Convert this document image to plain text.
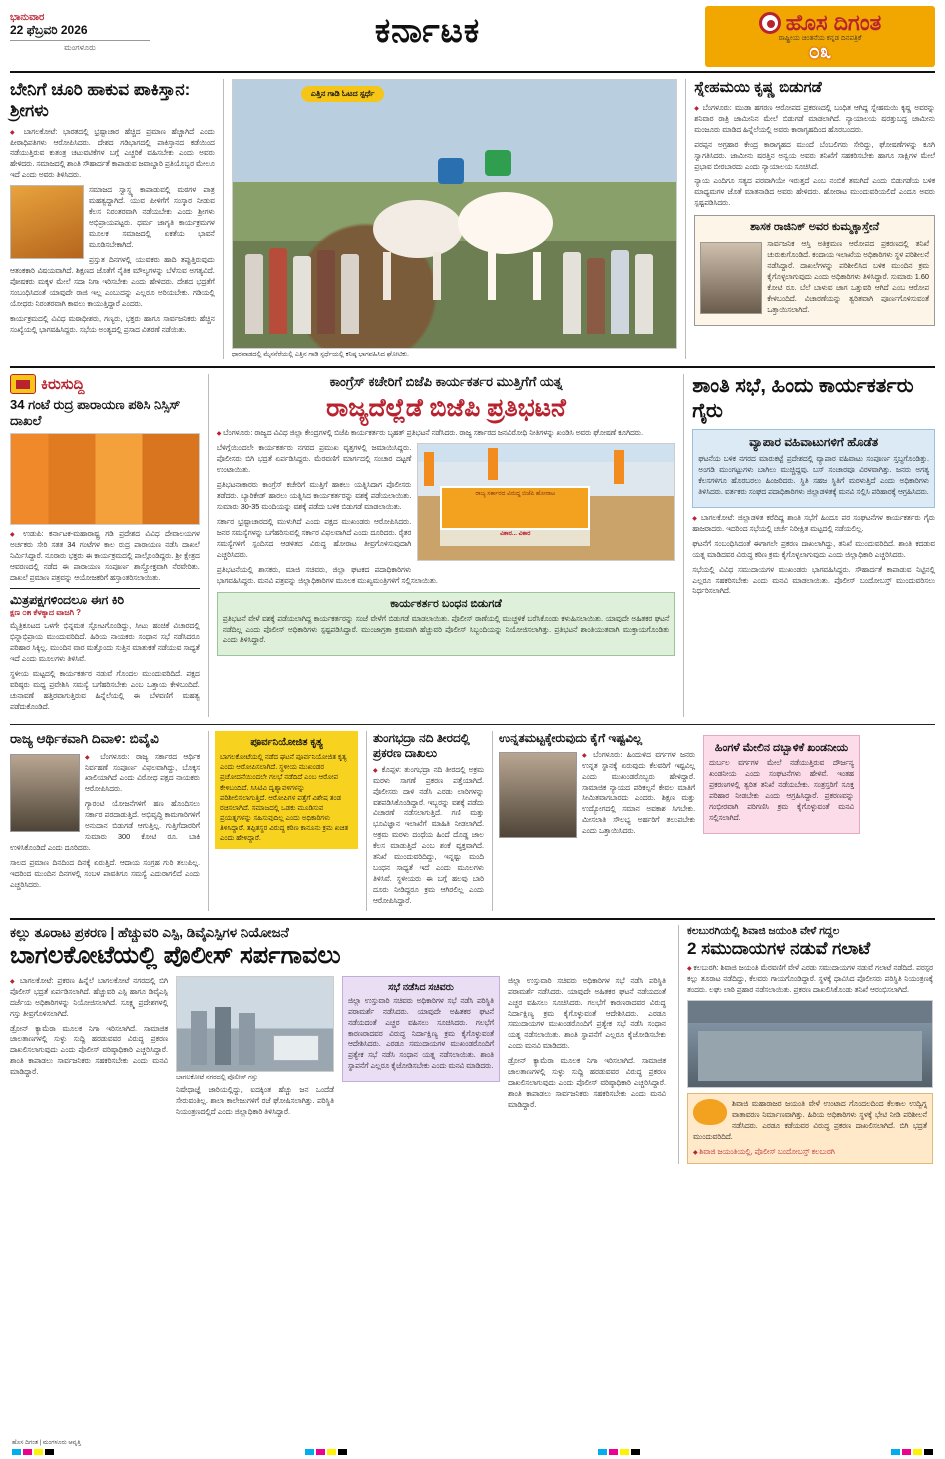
ಭಾನುವಾರ
22 ಫೆಬ್ರವರಿ 2026
ಮಂಗಳೂರು	ಕರ್ನಾಟಕ	ಹೊಸ ದಿಗಂತ
ರಾಷ್ಟ್ರೀಯ ಚಿಂತನೆಯ ಕನ್ನಡ ದಿನಪತ್ರಿಕೆ
೦೩
ಬೇನಿಗೆ ಚೂರಿ ಹಾಕುವ ಪಾಕಿಸ್ತಾನ: ಶ್ರೀಗಳು

◆ ಬಾಗಲಕೋಟೆ: ಭಾರತದಲ್ಲಿ ಭ್ರಷ್ಟಾಚಾರ ಹೆಚ್ಚಿದ ಪ್ರಮಾಣ ಹೆಚ್ಚಾಗಿದೆ ಎಂದು ಪೀಠಾಧಿಪತಿಗಳು ಆರೋಪಿಸಿದರು. ದೇಶದ ಗಡಿಭಾಗದಲ್ಲಿ ಪಾಕಿಸ್ತಾನದ ಕಡೆಯಿಂದ ನಡೆಯುತ್ತಿರುವ ಕುತಂತ್ರ ಚಟುವಟಿಕೆಗಳ ಬಗ್ಗೆ ಎಚ್ಚರಿಕೆ ವಹಿಸಬೇಕು ಎಂದು ಅವರು ಹೇಳಿದರು. ಸಮಾಜದಲ್ಲಿ ಶಾಂತಿ ಸೌಹಾರ್ದತೆ ಕಾಪಾಡುವ ಜವಾಬ್ದಾರಿ ಪ್ರತಿಯೊಬ್ಬರ ಮೇಲೂ ಇದೆ ಎಂದು ಅವರು ತಿಳಿಸಿದರು.

ಸಮಾಜದ ಸ್ವಾಸ್ಥ್ಯ ಕಾಪಾಡುವಲ್ಲಿ ಮಠಗಳ ಪಾತ್ರ ಮಹತ್ವದ್ದಾಗಿದೆ. ಯುವ ಪೀಳಿಗೆಗೆ ಸಂಸ್ಕಾರ ನೀಡುವ ಕೆಲಸ ನಿರಂತರವಾಗಿ ನಡೆಯಬೇಕು ಎಂದು ಶ್ರೀಗಳು ಅಭಿಪ್ರಾಯಪಟ್ಟರು. ಧರ್ಮ ಜಾಗೃತಿ ಕಾರ್ಯಕ್ರಮಗಳ ಮೂಲಕ ಸಮಾಜದಲ್ಲಿ ಏಕತೆಯ ಭಾವನೆ ಮೂಡಿಸಬೇಕಾಗಿದೆ.

ಪ್ರಸ್ತುತ ದಿನಗಳಲ್ಲಿ ಯುವಕರು ಹಾದಿ ತಪ್ಪುತ್ತಿರುವುದು ಆತಂಕಕಾರಿ ವಿಷಯವಾಗಿದೆ. ಶಿಕ್ಷಣದ ಜೊತೆಗೆ ನೈತಿಕ ಮೌಲ್ಯಗಳನ್ನು ಬೆಳೆಸುವ ಅಗತ್ಯವಿದೆ. ಪೋಷಕರು ಮಕ್ಕಳ ಮೇಲೆ ಸದಾ ನಿಗಾ ಇರಿಸಬೇಕು ಎಂದು ಹೇಳಿದರು. ದೇಶದ ಭದ್ರತೆಗೆ ಸಂಬಂಧಿಸಿದಂತೆ ಯಾವುದೇ ರಾಜಿ ಇಲ್ಲ ಎಂಬುದನ್ನು ಎಲ್ಲರೂ ಅರಿಯಬೇಕು. ಗಡಿಯಲ್ಲಿ ಯೋಧರು ನಿರಂತರವಾಗಿ ಕಾವಲು ಕಾಯುತ್ತಿದ್ದಾರೆ ಎಂದರು.

ಕಾರ್ಯಕ್ರಮದಲ್ಲಿ ವಿವಿಧ ಮಠಾಧೀಶರು, ಗಣ್ಯರು, ಭಕ್ತರು ಹಾಗೂ ಸಾರ್ವಜನಿಕರು ಹೆಚ್ಚಿನ ಸಂಖ್ಯೆಯಲ್ಲಿ ಭಾಗವಹಿಸಿದ್ದರು. ಸಭೆಯ ಅಂತ್ಯದಲ್ಲಿ ಪ್ರಸಾದ ವಿತರಣೆ ನಡೆಯಿತು.

ಎತ್ತಿನ ಗಾಡಿ ಓಟದ ಸ್ಪರ್ಧೆ
ಧಾರವಾಡದಲ್ಲಿ ಮೈಸನೆರೆಯಲ್ಲಿ ಎತ್ತಿನ ಗಾಡಿ ಸ್ಪರ್ಧೆಯಲ್ಲಿ ಕನಿಷ್ಠ ಭಾಗವಹಿಸಿದ ಘೋಟಿಕು.
ಸ್ನೇಹಮಯಿ ಕೃಷ್ಣ ಬಿಡುಗಡೆ

◆ ಬೆಂಗಳೂರು: ಮುಡಾ ಹಗರಣ ಆರೋಪದ ಪ್ರಕರಣದಲ್ಲಿ ಬಂಧಿತ ಆಗಿದ್ದ ಸ್ನೇಹಮಯಿ ಕೃಷ್ಣ ಅವರನ್ನು ಶನಿವಾರ ರಾತ್ರಿ ಜಾಮೀನಿನ ಮೇಲೆ ಬಿಡುಗಡೆ ಮಾಡಲಾಗಿದೆ. ನ್ಯಾಯಾಲಯ ಷರತ್ತುಬದ್ಧ ಜಾಮೀನು ಮಂಜೂರು ಮಾಡಿದ ಹಿನ್ನೆಲೆಯಲ್ಲಿ ಅವರು ಕಾರಾಗೃಹದಿಂದ ಹೊರಬಂದರು.

ಪರಪ್ಪನ ಅಗ್ರಹಾರ ಕೇಂದ್ರ ಕಾರಾಗೃಹದ ಮುಂದೆ ಬೆಂಬಲಿಗರು ಸೇರಿದ್ದು, ಘೋಷಣೆಗಳನ್ನು ಕೂಗಿ ಸ್ವಾಗತಿಸಿದರು. ಜಾಮೀನು ಷರತ್ತಿನ ಅನ್ವಯ ಅವರು ತನಿಖೆಗೆ ಸಹಕರಿಸಬೇಕು ಹಾಗೂ ಸಾಕ್ಷಿಗಳ ಮೇಲೆ ಪ್ರಭಾವ ಬೀರಬಾರದು ಎಂದು ನ್ಯಾಯಾಲಯ ಸೂಚಿಸಿದೆ.

ನ್ಯಾಯ ಎಂದಿಗೂ ಸತ್ಯದ ಪರವಾಗಿಯೇ ಇರುತ್ತದೆ ಎಂಬ ನಂಬಿಕೆ ತಮಗಿದೆ ಎಂದು ಬಿಡುಗಡೆಯ ಬಳಿಕ ಮಾಧ್ಯಮಗಳ ಜೊತೆ ಮಾತನಾಡಿದ ಅವರು ಹೇಳಿದರು. ಹೋರಾಟ ಮುಂದುವರಿಯಲಿದೆ ಎಂದೂ ಅವರು ಸ್ಪಷ್ಟಪಡಿಸಿದರು.

ಶಾಸಕ ರಾಜಿನಿಕ್ ಅವರ ಕುಮ್ಮಕ್ಕಾಸ್ತೇನೆ

ಸಾರ್ವಜನಿಕ ಆಸ್ತಿ ಅತಿಕ್ರಮಣ ಆರೋಪದ ಪ್ರಕರಣದಲ್ಲಿ ತನಿಖೆ ಚುರುಕುಗೊಂಡಿದೆ. ಕಂದಾಯ ಇಲಾಖೆಯ ಅಧಿಕಾರಿಗಳು ಸ್ಥಳ ಪರಿಶೀಲನೆ ನಡೆಸಿದ್ದಾರೆ. ದಾಖಲೆಗಳನ್ನು ಪರಿಶೀಲಿಸಿದ ಬಳಿಕ ಮುಂದಿನ ಕ್ರಮ ಕೈಗೊಳ್ಳಲಾಗುವುದು ಎಂದು ಅಧಿಕಾರಿಗಳು ತಿಳಿಸಿದ್ದಾರೆ. ಸುಮಾರು 1.60 ಕೋಟಿ ರೂ. ಬೆಲೆ ಬಾಳುವ ಜಾಗ ಒತ್ತುವರಿ ಆಗಿದೆ ಎಂಬ ಆರೋಪ ಕೇಳಿಬಂದಿದೆ. ವಿಚಾರಣೆಯನ್ನು ತ್ವರಿತವಾಗಿ ಪೂರ್ಣಗೊಳಿಸುವಂತೆ ಒತ್ತಾಯಿಸಲಾಗಿದೆ.

ಕಿರುಸುದ್ದಿ
34 ಗಂಟೆ ರುದ್ರ ಪಾರಾಯಣ ಪಠಿಸಿ ನಿಸ್ಸಿಸ್ ದಾಖಲೆ

◆ ಉಡುಪಿ: ಕರ್ನಾಟಕ-ಮಹಾರಾಷ್ಟ್ರ ಗಡಿ ಪ್ರದೇಶದ ವಿವಿಧ ದೇವಾಲಯಗಳ ಅರ್ಚಕರು ಸೇರಿ ಸತತ 34 ಗಂಟೆಗಳ ಕಾಲ ರುದ್ರ ಪಾರಾಯಣ ನಡೆಸಿ ದಾಖಲೆ ನಿರ್ಮಿಸಿದ್ದಾರೆ. ನೂರಾರು ಭಕ್ತರು ಈ ಕಾರ್ಯಕ್ರಮದಲ್ಲಿ ಪಾಲ್ಗೊಂಡಿದ್ದರು. ಶ್ರೀ ಕ್ಷೇತ್ರದ ಆವರಣದಲ್ಲಿ ನಡೆದ ಈ ಪಾರಾಯಣ ಸಂಪೂರ್ಣ ಶಾಸ್ತ್ರೋಕ್ತವಾಗಿ ನೆರವೇರಿತು. ದಾಖಲೆ ಪ್ರಮಾಣ ಪತ್ರವನ್ನು ಆಯೋಜಕರಿಗೆ ಹಸ್ತಾಂತರಿಸಲಾಯಿತು.

ಮಿತ್ರಪಕ್ಷಗಳಿಂದಲೂ ಈಗ ಕಿರಿ
ಕ್ಷಣ ೦೫ ಕೆಳಕ್ಕಾದ ವಾಜಗಿ ?

ಮೈತ್ರಿಕೂಟದ ಒಳಗೇ ಭಿನ್ನಮತ ಸ್ಫೋಟಗೊಂಡಿದ್ದು, ಸೀಟು ಹಂಚಿಕೆ ವಿಚಾರದಲ್ಲಿ ಭಿನ್ನಾಭಿಪ್ರಾಯ ಮುಂದುವರಿದಿದೆ. ಹಿರಿಯ ನಾಯಕರು ಸಂಧಾನ ಸಭೆ ನಡೆಸಿದರೂ ಪರಿಹಾರ ಸಿಕ್ಕಿಲ್ಲ. ಮುಂದಿನ ವಾರ ಮತ್ತೊಂದು ಸುತ್ತಿನ ಮಾತುಕತೆ ನಡೆಯುವ ಸಾಧ್ಯತೆ ಇದೆ ಎಂದು ಮೂಲಗಳು ತಿಳಿಸಿವೆ.

ಸ್ಥಳೀಯ ಮಟ್ಟದಲ್ಲಿ ಕಾರ್ಯಕರ್ತರ ನಡುವೆ ಗೊಂದಲ ಮುಂದುವರಿದಿದೆ. ಪಕ್ಷದ ವರಿಷ್ಠರು ಮಧ್ಯ ಪ್ರವೇಶಿಸಿ ಸಮಸ್ಯೆ ಬಗೆಹರಿಸಬೇಕು ಎಂಬ ಒತ್ತಾಯ ಕೇಳಿಬಂದಿದೆ. ಚುನಾವಣೆ ಹತ್ತಿರವಾಗುತ್ತಿರುವ ಹಿನ್ನೆಲೆಯಲ್ಲಿ ಈ ಬೆಳವಣಿಗೆ ಮಹತ್ವ ಪಡೆದುಕೊಂಡಿದೆ.

ಕಾಂಗ್ರೆಸ್ ಕಚೇರಿಗೆ ಬಿಜೆಪಿ ಕಾರ್ಯಕರ್ತರ ಮುತ್ತಿಗೆಗೆ ಯತ್ನ
ರಾಜ್ಯದೆಲ್ಲೆಡೆ ಬಿಜೆಪಿ ಪ್ರತಿಭಟನೆ

◆ ಬೆಂಗಳೂರು: ರಾಜ್ಯದ ವಿವಿಧ ಜಿಲ್ಲಾ ಕೇಂದ್ರಗಳಲ್ಲಿ ಬಿಜೆಪಿ ಕಾರ್ಯಕರ್ತರು ಬೃಹತ್ ಪ್ರತಿಭಟನೆ ನಡೆಸಿದರು. ರಾಜ್ಯ ಸರ್ಕಾರದ ಜನವಿರೋಧಿ ನೀತಿಗಳನ್ನು ಖಂಡಿಸಿ ಅವರು ಘೋಷಣೆ ಕೂಗಿದರು.

ರಾಜ್ಯ ಸರ್ಕಾರದ ವಿರುದ್ಧ ಬಿಜೆಪಿ ಹೋರಾಟ
ವಿಕಾರ... ವಿಕಾರ

ಬೆಳಿಗ್ಗೆಯಿಂದಲೇ ಕಾರ್ಯಕರ್ತರು ನಗರದ ಪ್ರಮುಖ ವೃತ್ತಗಳಲ್ಲಿ ಜಮಾಯಿಸಿದ್ದರು. ಪೊಲೀಸರು ಬಿಗಿ ಭದ್ರತೆ ಏರ್ಪಡಿಸಿದ್ದರು. ಮೆರವಣಿಗೆ ಮಾರ್ಗದಲ್ಲಿ ಸಂಚಾರ ದಟ್ಟಣೆ ಉಂಟಾಯಿತು.

ಪ್ರತಿಭಟನಾಕಾರರು ಕಾಂಗ್ರೆಸ್ ಕಚೇರಿಗೆ ಮುತ್ತಿಗೆ ಹಾಕಲು ಯತ್ನಿಸಿದಾಗ ಪೊಲೀಸರು ತಡೆದರು. ಬ್ಯಾರಿಕೇಡ್ ಹಾರಲು ಯತ್ನಿಸಿದ ಕಾರ್ಯಕರ್ತರನ್ನು ವಶಕ್ಕೆ ಪಡೆಯಲಾಯಿತು. ಸುಮಾರು 30-35 ಮಂದಿಯನ್ನು ವಶಕ್ಕೆ ಪಡೆದು ಬಳಿಕ ಬಿಡುಗಡೆ ಮಾಡಲಾಯಿತು.

ಸರ್ಕಾರ ಭ್ರಷ್ಟಾಚಾರದಲ್ಲಿ ಮುಳುಗಿದೆ ಎಂದು ಪಕ್ಷದ ಮುಖಂಡರು ಆರೋಪಿಸಿದರು. ಜನರ ಸಮಸ್ಯೆಗಳನ್ನು ಬಗೆಹರಿಸುವಲ್ಲಿ ಸರ್ಕಾರ ವಿಫಲವಾಗಿದೆ ಎಂದು ದೂರಿದರು. ರೈತರ ಸಮಸ್ಯೆಗಳಿಗೆ ಸ್ಪಂದಿಸದ ಆಡಳಿತದ ವಿರುದ್ಧ ಹೋರಾಟ ತೀವ್ರಗೊಳಿಸುವುದಾಗಿ ಎಚ್ಚರಿಸಿದರು.

ಪ್ರತಿಭಟನೆಯಲ್ಲಿ ಶಾಸಕರು, ಮಾಜಿ ಸಚಿವರು, ಜಿಲ್ಲಾ ಘಟಕದ ಪದಾಧಿಕಾರಿಗಳು ಭಾಗವಹಿಸಿದ್ದರು. ಮನವಿ ಪತ್ರವನ್ನು ಜಿಲ್ಲಾಧಿಕಾರಿಗಳ ಮೂಲಕ ಮುಖ್ಯಮಂತ್ರಿಗಳಿಗೆ ಸಲ್ಲಿಸಲಾಯಿತು.

ಕಾರ್ಯಕರ್ತರ ಬಂಧನ ಬಿಡುಗಡೆ

ಪ್ರತಿಭಟನೆ ವೇಳೆ ವಶಕ್ಕೆ ಪಡೆಯಲಾಗಿದ್ದ ಕಾರ್ಯಕರ್ತರನ್ನು ಸಂಜೆ ವೇಳೆಗೆ ಬಿಡುಗಡೆ ಮಾಡಲಾಯಿತು. ಪೊಲೀಸ್ ಠಾಣೆಯಲ್ಲಿ ಮುಚ್ಚಳಿಕೆ ಬರೆಸಿಕೊಂಡು ಕಳುಹಿಸಲಾಯಿತು. ಯಾವುದೇ ಅಹಿತಕರ ಘಟನೆ ನಡೆದಿಲ್ಲ ಎಂದು ಪೊಲೀಸ್ ಅಧಿಕಾರಿಗಳು ಸ್ಪಷ್ಟಪಡಿಸಿದ್ದಾರೆ. ಮುಂಜಾಗ್ರತಾ ಕ್ರಮವಾಗಿ ಹೆಚ್ಚುವರಿ ಪೊಲೀಸ್ ಸಿಬ್ಬಂದಿಯನ್ನು ನಿಯೋಜಿಸಲಾಗಿತ್ತು. ಪ್ರತಿಭಟನೆ ಶಾಂತಿಯುತವಾಗಿ ಮುಕ್ತಾಯಗೊಂಡಿತು ಎಂದು ತಿಳಿಸಿದ್ದಾರೆ.

ಶಾಂತಿ ಸಭೆ, ಹಿಂದು ಕಾರ್ಯಕರ್ತರು ಗೈರು
ವ್ಯಾಪಾರ ವಹಿವಾಟುಗಳಿಗೆ ಹೊಡೆತ

ಘಟನೆಯ ಬಳಿಕ ನಗರದ ಮಾರುಕಟ್ಟೆ ಪ್ರದೇಶದಲ್ಲಿ ವ್ಯಾಪಾರ ವಹಿವಾಟು ಸಂಪೂರ್ಣ ಸ್ತಬ್ಧಗೊಂಡಿತ್ತು. ಅಂಗಡಿ ಮುಂಗಟ್ಟುಗಳು ಬಾಗಿಲು ಮುಚ್ಚಿದ್ದವು. ಬಸ್ ಸಂಚಾರವೂ ವಿರಳವಾಗಿತ್ತು. ಜನರು ಅಗತ್ಯ ಕೆಲಸಗಳಿಗೂ ಹೊರಬರಲು ಹಿಂಜರಿದರು. ಸ್ಥಿತಿ ಸಹಜ ಸ್ಥಿತಿಗೆ ಮರಳುತ್ತಿದೆ ಎಂದು ಅಧಿಕಾರಿಗಳು ತಿಳಿಸಿದರು. ವರ್ತಕರು ಸಂಘದ ಪದಾಧಿಕಾರಿಗಳು ಜಿಲ್ಲಾಡಳಿತಕ್ಕೆ ಮನವಿ ಸಲ್ಲಿಸಿ ಪರಿಹಾರಕ್ಕೆ ಆಗ್ರಹಿಸಿದರು.

◆ ಬಾಗಲಕೋಟೆ: ಜಿಲ್ಲಾಡಳಿತ ಕರೆದಿದ್ದ ಶಾಂತಿ ಸಭೆಗೆ ಹಿಂದೂ ಪರ ಸಂಘಟನೆಗಳ ಕಾರ್ಯಕರ್ತರು ಗೈರು ಹಾಜರಾದರು. ಇದರಿಂದ ಸಭೆಯಲ್ಲಿ ಚರ್ಚೆ ನಿರೀಕ್ಷಿತ ಮಟ್ಟದಲ್ಲಿ ನಡೆಯಲಿಲ್ಲ.

ಘಟನೆಗೆ ಸಂಬಂಧಿಸಿದಂತೆ ಈಗಾಗಲೇ ಪ್ರಕರಣ ದಾಖಲಾಗಿದ್ದು, ತನಿಖೆ ಮುಂದುವರಿದಿದೆ. ಶಾಂತಿ ಕದಡುವ ಯತ್ನ ಮಾಡಿದವರ ವಿರುದ್ಧ ಕಠಿಣ ಕ್ರಮ ಕೈಗೊಳ್ಳಲಾಗುವುದು ಎಂದು ಜಿಲ್ಲಾಧಿಕಾರಿ ಎಚ್ಚರಿಸಿದರು.

ಸಭೆಯಲ್ಲಿ ವಿವಿಧ ಸಮುದಾಯಗಳ ಮುಖಂಡರು ಭಾಗವಹಿಸಿದ್ದರು. ಸೌಹಾರ್ದತೆ ಕಾಪಾಡುವ ನಿಟ್ಟಿನಲ್ಲಿ ಎಲ್ಲರೂ ಸಹಕರಿಸಬೇಕು ಎಂದು ಮನವಿ ಮಾಡಲಾಯಿತು. ಪೊಲೀಸ್ ಬಂದೋಬಸ್ತ್ ಮುಂದುವರಿಸಲು ನಿರ್ಧರಿಸಲಾಗಿದೆ.

ರಾಜ್ಯ ಆರ್ಥಿಕವಾಗಿ ದಿವಾಳಿ: ಬಿವೈವಿ

◆ ಬೆಂಗಳೂರು: ರಾಜ್ಯ ಸರ್ಕಾರದ ಆರ್ಥಿಕ ನಿರ್ವಹಣೆ ಸಂಪೂರ್ಣ ವಿಫಲವಾಗಿದ್ದು, ಬೊಕ್ಕಸ ಖಾಲಿಯಾಗಿದೆ ಎಂದು ವಿರೋಧ ಪಕ್ಷದ ನಾಯಕರು ಆರೋಪಿಸಿದರು.

ಗ್ಯಾರಂಟಿ ಯೋಜನೆಗಳಿಗೆ ಹಣ ಹೊಂದಿಸಲು ಸರ್ಕಾರ ಪರದಾಡುತ್ತಿದೆ. ಅಭಿವೃದ್ಧಿ ಕಾಮಗಾರಿಗಳಿಗೆ ಅನುದಾನ ಬಿಡುಗಡೆ ಆಗುತ್ತಿಲ್ಲ. ಗುತ್ತಿಗೆದಾರರಿಗೆ ಸುಮಾರು 300 ಕೋಟಿ ರೂ. ಬಾಕಿ ಉಳಿಸಿಕೊಂಡಿದೆ ಎಂದು ದೂರಿದರು.

ಸಾಲದ ಪ್ರಮಾಣ ದಿನದಿಂದ ದಿನಕ್ಕೆ ಏರುತ್ತಿದೆ. ಆದಾಯ ಸಂಗ್ರಹ ಗುರಿ ತಲುಪಿಲ್ಲ. ಇದರಿಂದ ಮುಂದಿನ ದಿನಗಳಲ್ಲಿ ಸಂಬಳ ಪಾವತಿಗೂ ಸಮಸ್ಯೆ ಎದುರಾಗಲಿದೆ ಎಂದು ಎಚ್ಚರಿಸಿದರು.

ಪೂರ್ವನಿಯೋಜಿತ ಕೃತ್ಯ
ಬಾಗಲಕೋಟೆಯಲ್ಲಿ ನಡೆದ ಘಟನೆ ಪೂರ್ವನಿಯೋಜಿತ ಕೃತ್ಯ ಎಂದು ಆರೋಪಿಸಲಾಗಿದೆ. ಸ್ಥಳೀಯ ಮುಖಂಡರ ಪ್ರಚೋದನೆಯಿಂದಲೇ ಗಲಭೆ ನಡೆದಿದೆ ಎಂಬ ಆರೋಪ ಕೇಳಿಬಂದಿದೆ. ಸಿಸಿಟಿವಿ ದೃಶ್ಯಾವಳಿಗಳನ್ನು ಪರಿಶೀಲಿಸಲಾಗುತ್ತಿದೆ. ಆರೋಪಿಗಳ ಪತ್ತೆಗೆ ವಿಶೇಷ ತಂಡ ರಚಿಸಲಾಗಿದೆ. ಸಮಾಜದಲ್ಲಿ ಒಡಕು ಮೂಡಿಸುವ ಪ್ರಯತ್ನಗಳನ್ನು ಸಹಿಸುವುದಿಲ್ಲ ಎಂದು ಅಧಿಕಾರಿಗಳು ತಿಳಿಸಿದ್ದಾರೆ. ತಪ್ಪಿತಸ್ಥರ ವಿರುದ್ಧ ಕಠಿಣ ಕಾನೂನು ಕ್ರಮ ಖಚಿತ ಎಂದು ಹೇಳಿದ್ದಾರೆ.
ತುಂಗಭದ್ರಾ ನದಿ ತೀರದಲ್ಲಿ ಪ್ರಕರಣ ದಾಖಲು

◆ ಕೊಪ್ಪಳ: ತುಂಗಭದ್ರಾ ನದಿ ತೀರದಲ್ಲಿ ಅಕ್ರಮ ಮರಳು ಸಾಗಣೆ ಪ್ರಕರಣ ಪತ್ತೆಯಾಗಿದೆ. ಪೊಲೀಸರು ದಾಳಿ ನಡೆಸಿ ಎರಡು ಲಾರಿಗಳನ್ನು ವಶಪಡಿಸಿಕೊಂಡಿದ್ದಾರೆ. ಇಬ್ಬರನ್ನು ವಶಕ್ಕೆ ಪಡೆದು ವಿಚಾರಣೆ ನಡೆಸಲಾಗುತ್ತಿದೆ. ಗಣಿ ಮತ್ತು ಭೂವಿಜ್ಞಾನ ಇಲಾಖೆಗೆ ಮಾಹಿತಿ ನೀಡಲಾಗಿದೆ. ಅಕ್ರಮ ಮರಳು ದಂಧೆಯ ಹಿಂದೆ ದೊಡ್ಡ ಜಾಲ ಕೆಲಸ ಮಾಡುತ್ತಿದೆ ಎಂಬ ಶಂಕೆ ವ್ಯಕ್ತವಾಗಿದೆ. ತನಿಖೆ ಮುಂದುವರಿದಿದ್ದು, ಇನ್ನಷ್ಟು ಮಂದಿ ಬಂಧನ ಸಾಧ್ಯತೆ ಇದೆ ಎಂದು ಮೂಲಗಳು ತಿಳಿಸಿವೆ. ಸ್ಥಳೀಯರು ಈ ಬಗ್ಗೆ ಹಲವು ಬಾರಿ ದೂರು ನೀಡಿದ್ದರೂ ಕ್ರಮ ಆಗಿರಲಿಲ್ಲ ಎಂದು ಆರೋಪಿಸಿದ್ದಾರೆ.

ಉನ್ನತಮಟ್ಟಕ್ಕೇರುವುದು ಕೈಗೆ ಇಷ್ಟವಿಲ್ಲ

◆ ಬೆಂಗಳೂರು: ಹಿಂದುಳಿದ ವರ್ಗಗಳ ಜನರು ಉನ್ನತ ಸ್ಥಾನಕ್ಕೆ ಏರುವುದು ಕೆಲವರಿಗೆ ಇಷ್ಟವಿಲ್ಲ ಎಂದು ಮುಖಂಡರೊಬ್ಬರು ಹೇಳಿದ್ದಾರೆ. ಸಾಮಾಜಿಕ ನ್ಯಾಯದ ಪರಿಕಲ್ಪನೆ ಕೇವಲ ಮಾತಿಗೆ ಸೀಮಿತವಾಗಬಾರದು ಎಂದರು. ಶಿಕ್ಷಣ ಮತ್ತು ಉದ್ಯೋಗದಲ್ಲಿ ಸಮಾನ ಅವಕಾಶ ಸಿಗಬೇಕು. ಮೀಸಲಾತಿ ಸೌಲಭ್ಯ ಅರ್ಹರಿಗೆ ತಲುಪಬೇಕು ಎಂದು ಒತ್ತಾಯಿಸಿದರು.

ಹಿಂಗಳೆ ಮೇಲಿನ ದಬ್ಬಾಳಿಕೆ ಖಂಡನೀಯ

ದುರ್ಬಲ ವರ್ಗಗಳ ಮೇಲೆ ನಡೆಯುತ್ತಿರುವ ದೌರ್ಜನ್ಯ ಖಂಡನೀಯ ಎಂದು ಸಂಘಟನೆಗಳು ಹೇಳಿವೆ. ಇಂತಹ ಪ್ರಕರಣಗಳಲ್ಲಿ ತ್ವರಿತ ತನಿಖೆ ನಡೆಯಬೇಕು. ಸಂತ್ರಸ್ತರಿಗೆ ಸೂಕ್ತ ಪರಿಹಾರ ನೀಡಬೇಕು ಎಂದು ಆಗ್ರಹಿಸಿದ್ದಾರೆ. ಪ್ರಕರಣವನ್ನು ಗಂಭೀರವಾಗಿ ಪರಿಗಣಿಸಿ ಕ್ರಮ ಕೈಗೊಳ್ಳುವಂತೆ ಮನವಿ ಸಲ್ಲಿಸಲಾಗಿದೆ.

ಕಲ್ಲು ತೂರಾಟ ಪ್ರಕರಣ | ಹೆಚ್ಚುವರಿ ಎಸ್ಪಿ, ಡಿವೈಎಸ್ಪಿಗಳ ನಿಯೋಜನೆ
ಬಾಗಲಕೋಟೆಯಲ್ಲಿ ಪೊಲೀಸ್ ಸರ್ಪಗಾವಲು

◆ ಬಾಗಲಕೋಟೆ: ಪ್ರಕರಣ ಹಿನ್ನೆಲೆ ಬಾಗಲಕೋಟೆ ನಗರದಲ್ಲಿ ಬಿಗಿ ಪೊಲೀಸ್ ಭದ್ರತೆ ಏರ್ಪಡಿಸಲಾಗಿದೆ. ಹೆಚ್ಚುವರಿ ಎಸ್ಪಿ ಹಾಗೂ ಡಿವೈಎಸ್ಪಿ ದರ್ಜೆಯ ಅಧಿಕಾರಿಗಳನ್ನು ನಿಯೋಜಿಸಲಾಗಿದೆ. ಸೂಕ್ಷ್ಮ ಪ್ರದೇಶಗಳಲ್ಲಿ ಗಸ್ತು ತೀವ್ರಗೊಳಿಸಲಾಗಿದೆ.

ಡ್ರೋನ್ ಕ್ಯಾಮೆರಾ ಮೂಲಕ ನಿಗಾ ಇರಿಸಲಾಗಿದೆ. ಸಾಮಾಜಿಕ ಜಾಲತಾಣಗಳಲ್ಲಿ ಸುಳ್ಳು ಸುದ್ದಿ ಹರಡುವವರ ವಿರುದ್ಧ ಪ್ರಕರಣ ದಾಖಲಿಸಲಾಗುವುದು ಎಂದು ಪೊಲೀಸ್ ವರಿಷ್ಠಾಧಿಕಾರಿ ಎಚ್ಚರಿಸಿದ್ದಾರೆ. ಶಾಂತಿ ಕಾಪಾಡಲು ಸಾರ್ವಜನಿಕರು ಸಹಕರಿಸಬೇಕು ಎಂದು ಮನವಿ ಮಾಡಿದ್ದಾರೆ.

ಬಾಗಲಕೋಟೆ ನಗರದಲ್ಲಿ ಪೊಲೀಸ್ ಗಸ್ತು

ನಿಷೇಧಾಜ್ಞೆ ಜಾರಿಯಲ್ಲಿದ್ದು, ಐದಕ್ಕಿಂತ ಹೆಚ್ಚು ಜನ ಒಂದೆಡೆ ಸೇರುವಂತಿಲ್ಲ. ಶಾಲಾ ಕಾಲೇಜುಗಳಿಗೆ ರಜೆ ಘೋಷಿಸಲಾಗಿತ್ತು. ಪರಿಸ್ಥಿತಿ ನಿಯಂತ್ರಣದಲ್ಲಿದೆ ಎಂದು ಜಿಲ್ಲಾಧಿಕಾರಿ ತಿಳಿಸಿದ್ದಾರೆ.

ಸಭೆ ನಡೆಸಿದ ಸಚಿವರು

ಜಿಲ್ಲಾ ಉಸ್ತುವಾರಿ ಸಚಿವರು ಅಧಿಕಾರಿಗಳ ಸಭೆ ನಡೆಸಿ ಪರಿಸ್ಥಿತಿ ಪರಾಮರ್ಶೆ ನಡೆಸಿದರು. ಯಾವುದೇ ಅಹಿತಕರ ಘಟನೆ ನಡೆಯದಂತೆ ಎಚ್ಚರ ವಹಿಸಲು ಸೂಚಿಸಿದರು. ಗಲಭೆಗೆ ಕಾರಣರಾದವರ ವಿರುದ್ಧ ನಿರ್ದಾಕ್ಷಿಣ್ಯ ಕ್ರಮ ಕೈಗೊಳ್ಳುವಂತೆ ಆದೇಶಿಸಿದರು. ಎರಡೂ ಸಮುದಾಯಗಳ ಮುಖಂಡರೊಂದಿಗೆ ಪ್ರತ್ಯೇಕ ಸಭೆ ನಡೆಸಿ ಸಂಧಾನ ಯತ್ನ ನಡೆಸಲಾಯಿತು. ಶಾಂತಿ ಸ್ಥಾಪನೆಗೆ ಎಲ್ಲರೂ ಕೈಜೋಡಿಸಬೇಕು ಎಂದು ಮನವಿ ಮಾಡಿದರು.

ಜಿಲ್ಲಾ ಉಸ್ತುವಾರಿ ಸಚಿವರು ಅಧಿಕಾರಿಗಳ ಸಭೆ ನಡೆಸಿ ಪರಿಸ್ಥಿತಿ ಪರಾಮರ್ಶೆ ನಡೆಸಿದರು. ಯಾವುದೇ ಅಹಿತಕರ ಘಟನೆ ನಡೆಯದಂತೆ ಎಚ್ಚರ ವಹಿಸಲು ಸೂಚಿಸಿದರು. ಗಲಭೆಗೆ ಕಾರಣರಾದವರ ವಿರುದ್ಧ ನಿರ್ದಾಕ್ಷಿಣ್ಯ ಕ್ರಮ ಕೈಗೊಳ್ಳುವಂತೆ ಆದೇಶಿಸಿದರು. ಎರಡೂ ಸಮುದಾಯಗಳ ಮುಖಂಡರೊಂದಿಗೆ ಪ್ರತ್ಯೇಕ ಸಭೆ ನಡೆಸಿ ಸಂಧಾನ ಯತ್ನ ನಡೆಸಲಾಯಿತು. ಶಾಂತಿ ಸ್ಥಾಪನೆಗೆ ಎಲ್ಲರೂ ಕೈಜೋಡಿಸಬೇಕು ಎಂದು ಮನವಿ ಮಾಡಿದರು.

ಡ್ರೋನ್ ಕ್ಯಾಮೆರಾ ಮೂಲಕ ನಿಗಾ ಇರಿಸಲಾಗಿದೆ. ಸಾಮಾಜಿಕ ಜಾಲತಾಣಗಳಲ್ಲಿ ಸುಳ್ಳು ಸುದ್ದಿ ಹರಡುವವರ ವಿರುದ್ಧ ಪ್ರಕರಣ ದಾಖಲಿಸಲಾಗುವುದು ಎಂದು ಪೊಲೀಸ್ ವರಿಷ್ಠಾಧಿಕಾರಿ ಎಚ್ಚರಿಸಿದ್ದಾರೆ. ಶಾಂತಿ ಕಾಪಾಡಲು ಸಾರ್ವಜನಿಕರು ಸಹಕರಿಸಬೇಕು ಎಂದು ಮನವಿ ಮಾಡಿದ್ದಾರೆ.

ಕಲಬುರಗಿಯಲ್ಲಿ ಶಿವಾಜಿ ಜಯಂತಿ ವೇಳೆ ಗದ್ದಲ
2 ಸಮುದಾಯಗಳ ನಡುವೆ ಗಲಾಟೆ

◆ ಕಲಬುರಗಿ: ಶಿವಾಜಿ ಜಯಂತಿ ಮೆರವಣಿಗೆ ವೇಳೆ ಎರಡು ಸಮುದಾಯಗಳ ನಡುವೆ ಗಲಾಟೆ ನಡೆದಿದೆ. ಪರಸ್ಪರ ಕಲ್ಲು ತೂರಾಟ ನಡೆದಿದ್ದು, ಕೆಲವರು ಗಾಯಗೊಂಡಿದ್ದಾರೆ. ಸ್ಥಳಕ್ಕೆ ಧಾವಿಸಿದ ಪೊಲೀಸರು ಪರಿಸ್ಥಿತಿ ನಿಯಂತ್ರಣಕ್ಕೆ ತಂದರು. ಲಘು ಲಾಠಿ ಪ್ರಹಾರ ನಡೆಸಲಾಯಿತು. ಪ್ರಕರಣ ದಾಖಲಿಸಿಕೊಂಡು ತನಿಖೆ ಆರಂಭಿಸಲಾಗಿದೆ.

ಶಿವಾಜಿ ಮಹಾರಾಜರ ಜಯಂತಿ ವೇಳೆ ಉಂಟಾದ ಗೊಂದಲದಿಂದ ಕೆಲಕಾಲ ಉದ್ವಿಗ್ನ ವಾತಾವರಣ ನಿರ್ಮಾಣವಾಗಿತ್ತು. ಹಿರಿಯ ಅಧಿಕಾರಿಗಳು ಸ್ಥಳಕ್ಕೆ ಭೇಟಿ ನೀಡಿ ಪರಿಶೀಲನೆ ನಡೆಸಿದರು. ಎರಡೂ ಕಡೆಯವರ ವಿರುದ್ಧ ಪ್ರಕರಣ ದಾಖಲಿಸಲಾಗಿದೆ. ಬಿಗಿ ಭದ್ರತೆ ಮುಂದುವರಿದಿದೆ.

◆ ಶಿವಾಜಿ ಜಯಂತಿಯಲ್ಲಿ, ಪೊಲೀಸ್ ಬಂದೋಬಸ್ತ್ ಕಲಬುರಗಿ
ಹೊಸ ದಿಗಂತ | ಮಂಗಳೂರು ಆವೃತ್ತಿ
